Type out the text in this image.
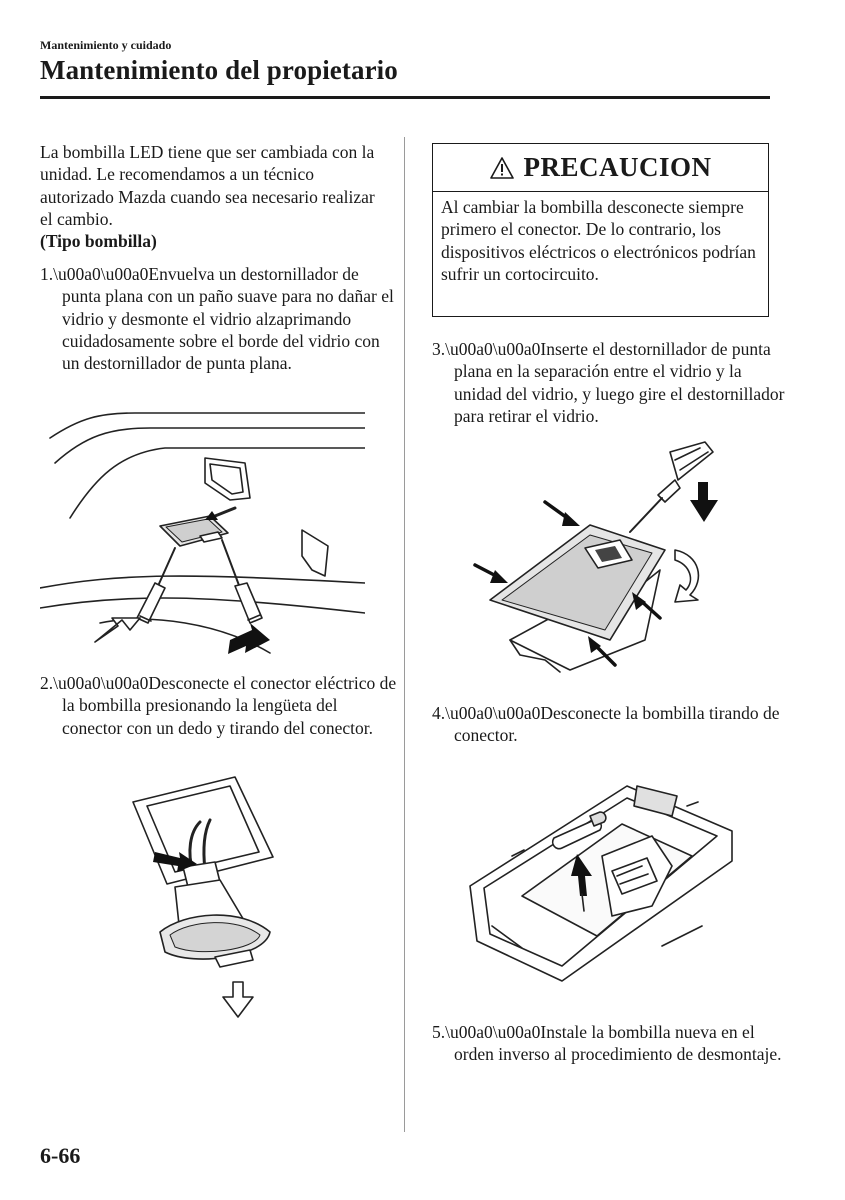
Mantenimiento y cuidado
Mantenimiento del propietario
La bombilla LED tiene que ser cambiada con la unidad. Le recomendamos a un técnico autorizado Mazda cuando sea necesario realizar el cambio.
(Tipo bombilla)
1.\u00a0\u00a0Envuelva un destornillador de punta plana con un paño suave para no dañar el vidrio y desmonte el vidrio alzaprimando cuidadosamente sobre el borde del vidrio con un destornillador de punta plana.
2.\u00a0\u00a0Desconecte el conector eléctrico de la bombilla presionando la lengüeta del conector con un dedo y tirando del conector.
PRECAUCION
Al cambiar la bombilla desconecte siempre primero el conector. De lo contrario, los dispositivos eléctricos o electrónicos podrían sufrir un cortocircuito.
3.\u00a0\u00a0Inserte el destornillador de punta plana en la separación entre el vidrio y la unidad del vidrio, y luego gire el destornillador para retirar el vidrio.
4.\u00a0\u00a0Desconecte la bombilla tirando de conector.
5.\u00a0\u00a0Instale la bombilla nueva en el orden inverso al procedimiento de desmontaje.
6-66
